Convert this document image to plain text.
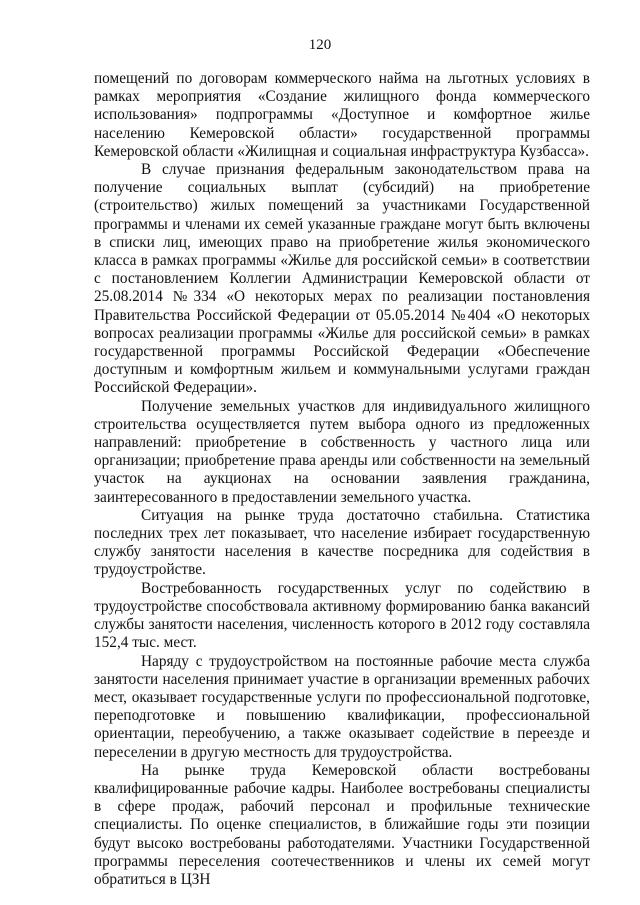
120

помещений по договорам коммерческого найма на льготных условиях в рамках мероприятия «Создание жилищного фонда коммерческого использования» подпрограммы «Доступное и комфортное жилье населению Кемеровской области» государственной программы Кемеровской области «Жилищная и социальная инфраструктура Кузбасса».

В случае признания федеральным законодательством права на получение социальных выплат (субсидий) на приобретение (строительство) жилых помещений за участниками Государственной программы и членами их семей указанные граждане могут быть включены в списки лиц, имеющих право на приобретение жилья экономического класса в рамках программы «Жилье для российской семьи» в соответствии с постановлением Коллегии Администрации Кемеровской области от 25.08.2014 №334 «О некоторых мерах по реализации постановления Правительства Российской Федерации от 05.05.2014 №404 «О некоторых вопросах реализации программы «Жилье для российской семьи» в рамках государственной программы Российской Федерации «Обеспечение доступным и комфортным жильем и коммунальными услугами граждан Российской Федерации».

Получение земельных участков для индивидуального жилищного строительства осуществляется путем выбора одного из предложенных направлений: приобретение в собственность у частного лица или организации; приобретение права аренды или собственности на земельный участок на аукционах на основании заявления гражданина, заинтересованного в предоставлении земельного участка.

Ситуация на рынке труда достаточно стабильна. Статистика последних трех лет показывает, что население избирает государственную службу занятости населения в качестве посредника для содействия в трудоустройстве.

Востребованность государственных услуг по содействию в трудоустройстве способствовала активному формированию банка вакансий службы занятости населения, численность которого в 2012 году составляла 152,4 тыс. мест.

Наряду с трудоустройством на постоянные рабочие места служба занятости населения принимает участие в организации временных рабочих мест, оказывает государственные услуги по профессиональной подготовке, переподготовке и повышению квалификации, профессиональной ориентации, переобучению, а также оказывает содействие в переезде и переселении в другую местность для трудоустройства.

На рынке труда Кемеровской области востребованы квалифицированные рабочие кадры. Наиболее востребованы специалисты в сфере продаж, рабочий персонал и профильные технические специалисты. По оценке специалистов, в ближайшие годы эти позиции будут высоко востребованы работодателями. Участники Государственной программы переселения соотечественников и члены их семей могут обратиться в ЦЗН
